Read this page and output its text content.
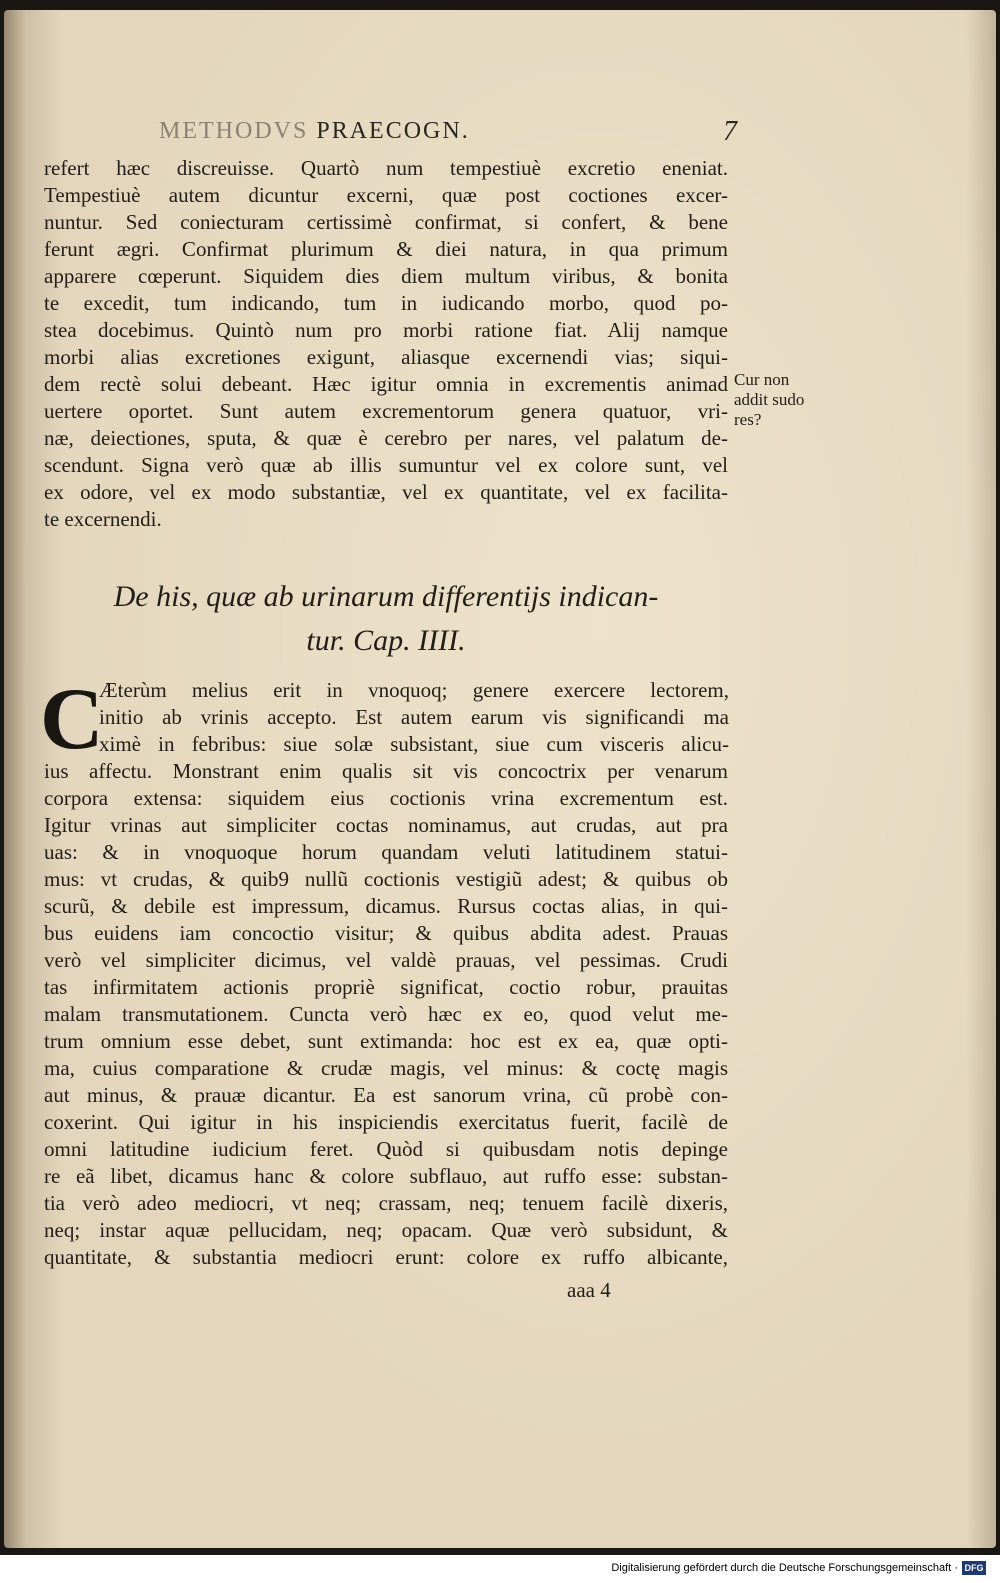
METHODVS PRAECOGN.	7
refert hæc discreuisse. Quartò num tempestiuè excretio eneniat.
Tempestiuè autem dicuntur excerni, quæ post coctiones excer-
nuntur. Sed coniecturam certissimè confirmat, si confert, & bene
ferunt ægri. Confirmat plurimum & diei natura, in qua primum
apparere cœperunt. Siquidem dies diem multum viribus, & bonita
te excedit, tum indicando, tum in iudicando morbo, quod po-
stea docebimus. Quintò num pro morbi ratione fiat. Alij namque
morbi alias excretiones exigunt, aliasque excernendi vias; siqui-
dem rectè solui debeant. Hæc igitur omnia in excrementis animad
uertere oportet. Sunt autem excrementorum genera quatuor, vri-
næ, deiectiones, sputa, & quæ è cerebro per nares, vel palatum de-
scendunt. Signa verò quæ ab illis sumuntur vel ex colore sunt, vel
ex odore, vel ex modo substantiæ, vel ex quantitate, vel ex facilita-
te excernendi.
Cur non
addit sudo
res?
De his, quæ ab urinarum differentijs indican-
tur. Cap. IIII.
C
Æterùm melius erit in vnoquoq; genere exercere lectorem,
initio ab vrinis accepto. Est autem earum vis significandi ma
ximè in febribus: siue solæ subsistant, siue cum visceris alicu-
ius affectu. Monstrant enim qualis sit vis concoctrix per venarum
corpora extensa: siquidem eius coctionis vrina excrementum est.
Igitur vrinas aut simpliciter coctas nominamus, aut crudas, aut pra
uas: & in vnoquoque horum quandam veluti latitudinem statui-
mus: vt crudas, & quib9 nullũ coctionis vestigiũ adest; & quibus ob
scurũ, & debile est impressum, dicamus. Rursus coctas alias, in qui-
bus euidens iam concoctio visitur; & quibus abdita adest. Prauas
verò vel simpliciter dicimus, vel valdè prauas, vel pessimas. Crudi
tas infirmitatem actionis propriè significat, coctio robur, prauitas
malam transmutationem. Cuncta verò hæc ex eo, quod velut me-
trum omnium esse debet, sunt extimanda: hoc est ex ea, quæ opti-
ma, cuius comparatione & crudæ magis, vel minus: & coctę magis
aut minus, & prauæ dicantur. Ea est sanorum vrina, cũ probè con-
coxerint. Qui igitur in his inspiciendis exercitatus fuerit, facilè de
omni latitudine iudicium feret. Quòd si quibusdam notis depinge
re eã libet, dicamus hanc & colore subflauo, aut ruffo esse: substan-
tia verò adeo mediocri, vt neq; crassam, neq; tenuem facilè dixeris,
neq; instar aquæ pellucidam, neq; opacam. Quæ verò subsidunt, &
quantitate, & substantia mediocri erunt: colore ex ruffo albicante,
aaa 4
Digitalisierung gefördert durch die Deutsche Forschungsgemeinschaft · DFG
